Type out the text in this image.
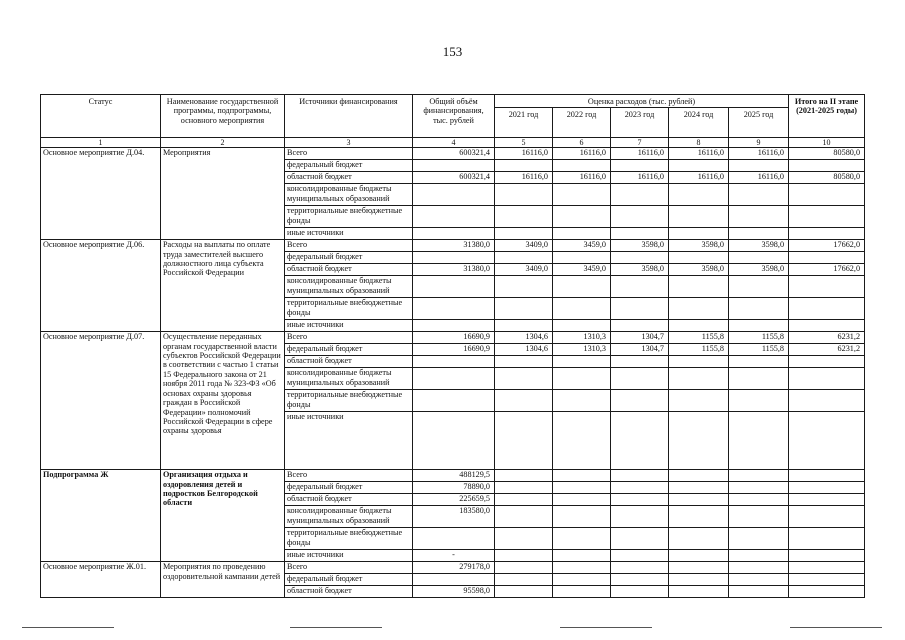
153
Статус	Наименование государственной программы, подпрограммы, основного мероприятия	Источники финансирования	Общий объём финансирования, тыс. рублей	Оценка расходов (тыс. рублей)					Итого на II этапе (2021-2025 годы)
				2021 год	2022 год	2023 год	2024 год	2025 год	
1	2	3	4	5	6	7	8	9	10
Основное мероприятие Д.04.	Мероприятия	Всего	600321,4	16116,0	16116,0	16116,0	16116,0	16116,0	80580,0
		федеральный бюджет							
		областной бюджет	600321,4	16116,0	16116,0	16116,0	16116,0	16116,0	80580,0
		консолидированные бюджеты муниципальных образований							
		территориальные внебюджетные фонды							
		иные источники							
Основное мероприятие Д.06.	Расходы на выплаты по оплате труда заместителей высшего должностного лица субъекта Российской Федерации	Всего	31380,0	3409,0	3459,0	3598,0	3598,0	3598,0	17662,0
		федеральный бюджет							
		областной бюджет	31380,0	3409,0	3459,0	3598,0	3598,0	3598,0	17662,0
		консолидированные бюджеты муниципальных образований							
		территориальные внебюджетные фонды							
		иные источники							
Основное мероприятие Д.07.	Осуществление переданных органам государственной власти субъектов Российской Федерации в соответствии с частью 1 статьи 15 Федерального закона от 21 ноября 2011 года № 323-ФЗ «Об основах охраны здоровья граждан в Российской Федерации» полномочий Российской Федерации в сфере охраны здоровья	Всего	16690,9	1304,6	1310,3	1304,7	1155,8	1155,8	6231,2
		федеральный бюджет	16690,9	1304,6	1310,3	1304,7	1155,8	1155,8	6231,2
		областной бюджет							
		консолидированные бюджеты муниципальных образований							
		территориальные внебюджетные фонды							
		иные источники							
Подпрограмма Ж	Организация отдыха и оздоровления детей и подростков Белгородской области	Всего	488129,5						
		федеральный бюджет	78890,0						
		областной бюджет	225659,5						
		консолидированные бюджеты муниципальных образований	183580,0						
		территориальные внебюджетные фонды							
		иные источники	-						
Основное мероприятие Ж.01.	Мероприятия по проведению оздоровительной кампании детей	Всего	279178,0						
		федеральный бюджет							
		областной бюджет	95598,0						
